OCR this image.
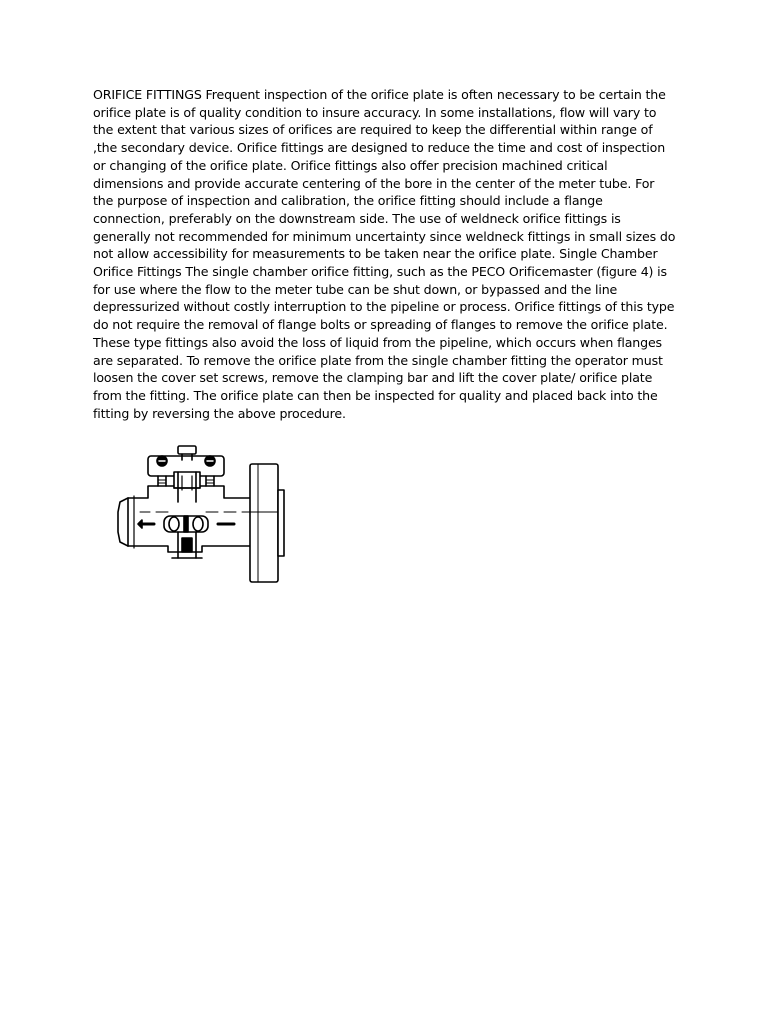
ORIFICE FITTINGS Frequent inspection of the orifice plate is often necessary to be certain the orifice plate is of quality condition to insure accuracy. In some installations, flow will vary to the extent that various sizes of orifices are required to keep the differential within range of ,the secondary device. Orifice fittings are designed to reduce the time and cost of inspection or changing of the orifice plate. Orifice fittings also offer precision machined critical dimensions and provide accurate centering of the bore in the center of the meter tube. For the purpose of inspection and calibration, the orifice fitting should include a flange connection, preferably on the downstream side. The use of weldneck orifice fittings is generally not recommended for minimum uncertainty since weldneck fittings in small sizes do not allow accessibility for measurements to be taken near the orifice plate. Single Chamber Orifice Fittings The single chamber orifice fitting, such as the PECO Orificemaster (figure 4) is for use where the flow to the meter tube can be shut down, or bypassed and the line depressurized without costly interruption to the pipeline or process. Orifice fittings of this type do not require the removal of flange bolts or spreading of flanges to remove the orifice plate. These type fittings also avoid the loss of liquid from the pipeline, which occurs when flanges are separated. To remove the orifice plate from the single chamber fitting the operator must loosen the cover set screws, remove the clamping bar and lift the cover plate/ orifice plate from the fitting. The orifice plate can then be inspected for quality and placed back into the fitting by reversing the above procedure.
